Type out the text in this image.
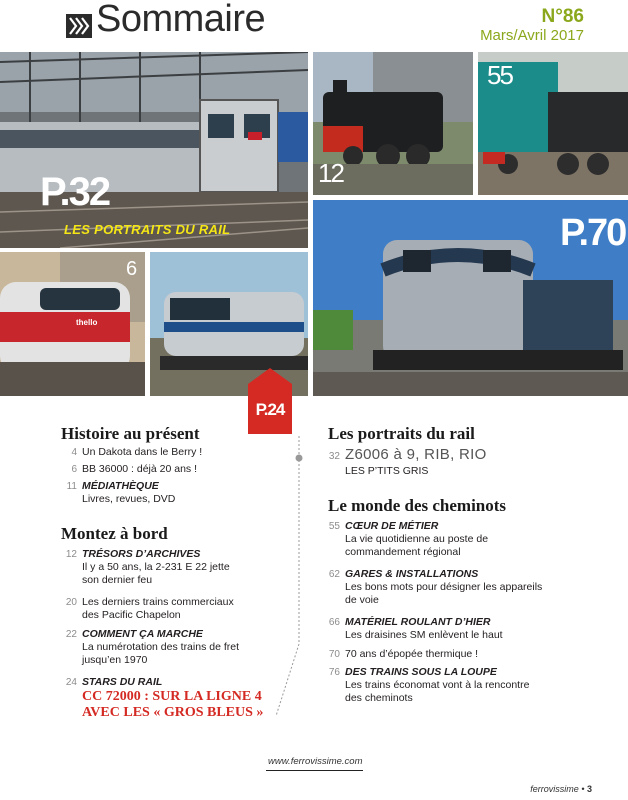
Sommaire	N°86
Mars/Avril 2017
P.32
LES PORTRAITS DU RAIL
12
55
P.70
thello
6
P.24
Histoire au présent
4 Un Dakota dans le Berry !
6 BB 36000 : déjà 20 ans !
11 MÉDIATHÈQUE
Livres, revues, DVD
Montez à bord
12 TRÉSORS D’ARCHIVES
Il y a 50 ans, la 2-231 E 22 jette
son dernier feu
20 Les derniers trains commerciaux
des Pacific Chapelon
22 COMMENT ÇA MARCHE
La numérotation des trains de fret
jusqu’en 1970
24 STARS DU RAIL
CC 72000 : SUR LA LIGNE 4
AVEC LES « GROS BLEUS »
Les portraits du rail
32 Z6006 à 9, RIB, RIO
LES P’TITS GRIS
Le monde des cheminots
55 CŒUR DE MÉTIER
La vie quotidienne au poste de
commandement régional
62 GARES & INSTALLATIONS
Les bons mots pour désigner les appareils
de voie
66 MATÉRIEL ROULANT D’HIER
Les draisines SM enlèvent le haut
70 70 ans d’épopée thermique !
76 DES TRAINS SOUS LA LOUPE
Les trains économat vont à la rencontre
des cheminots
www.ferrovissime.com
ferrovissime • 3
